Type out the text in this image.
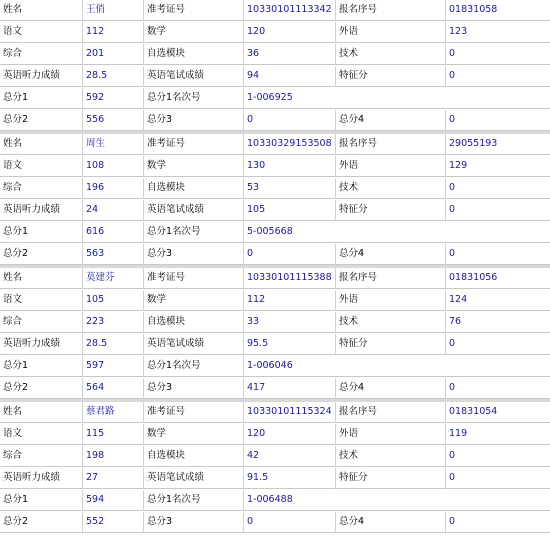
姓名	王俏	准考证号	10330101113342 报名序号	01831058
语文	112	数学	120	外语	123
综合	201	自选模块	36	技术	0
英语听力成绩	28.5	英语笔试成绩	94	特征分	0
总分1	592	总分1名次号	1-006925
总分2	556	总分3	0	总分4	0
姓名	周生	准考证号	10330329153508 报名序号	29055193
语文	108	数学	130	外语	129
综合	196	自选模块	53	技术	0
英语听力成绩	24	英语笔试成绩	105	特征分	0
总分1	616	总分1名次号	5-005668
总分2	563	总分3	0	总分4	0
姓名	莫建芬	准考证号	10330101115388 报名序号	01831056
语文	105	数学	112	外语	124
综合	223	自选模块	33	技术	76
英语听力成绩	28.5	英语笔试成绩	95.5	特征分	0
总分1	597	总分1名次号	1-006046
总分2	564	总分3	417	总分4	0
姓名	蔡君路	准考证号	10330101115324 报名序号	01831054
语文	115	数学	120	外语	119
综合	198	自选模块	42	技术	0
英语听力成绩	27	英语笔试成绩	91.5	特征分	0
总分1	594	总分1名次号	1-006488
总分2	552	总分3	0	总分4	0
